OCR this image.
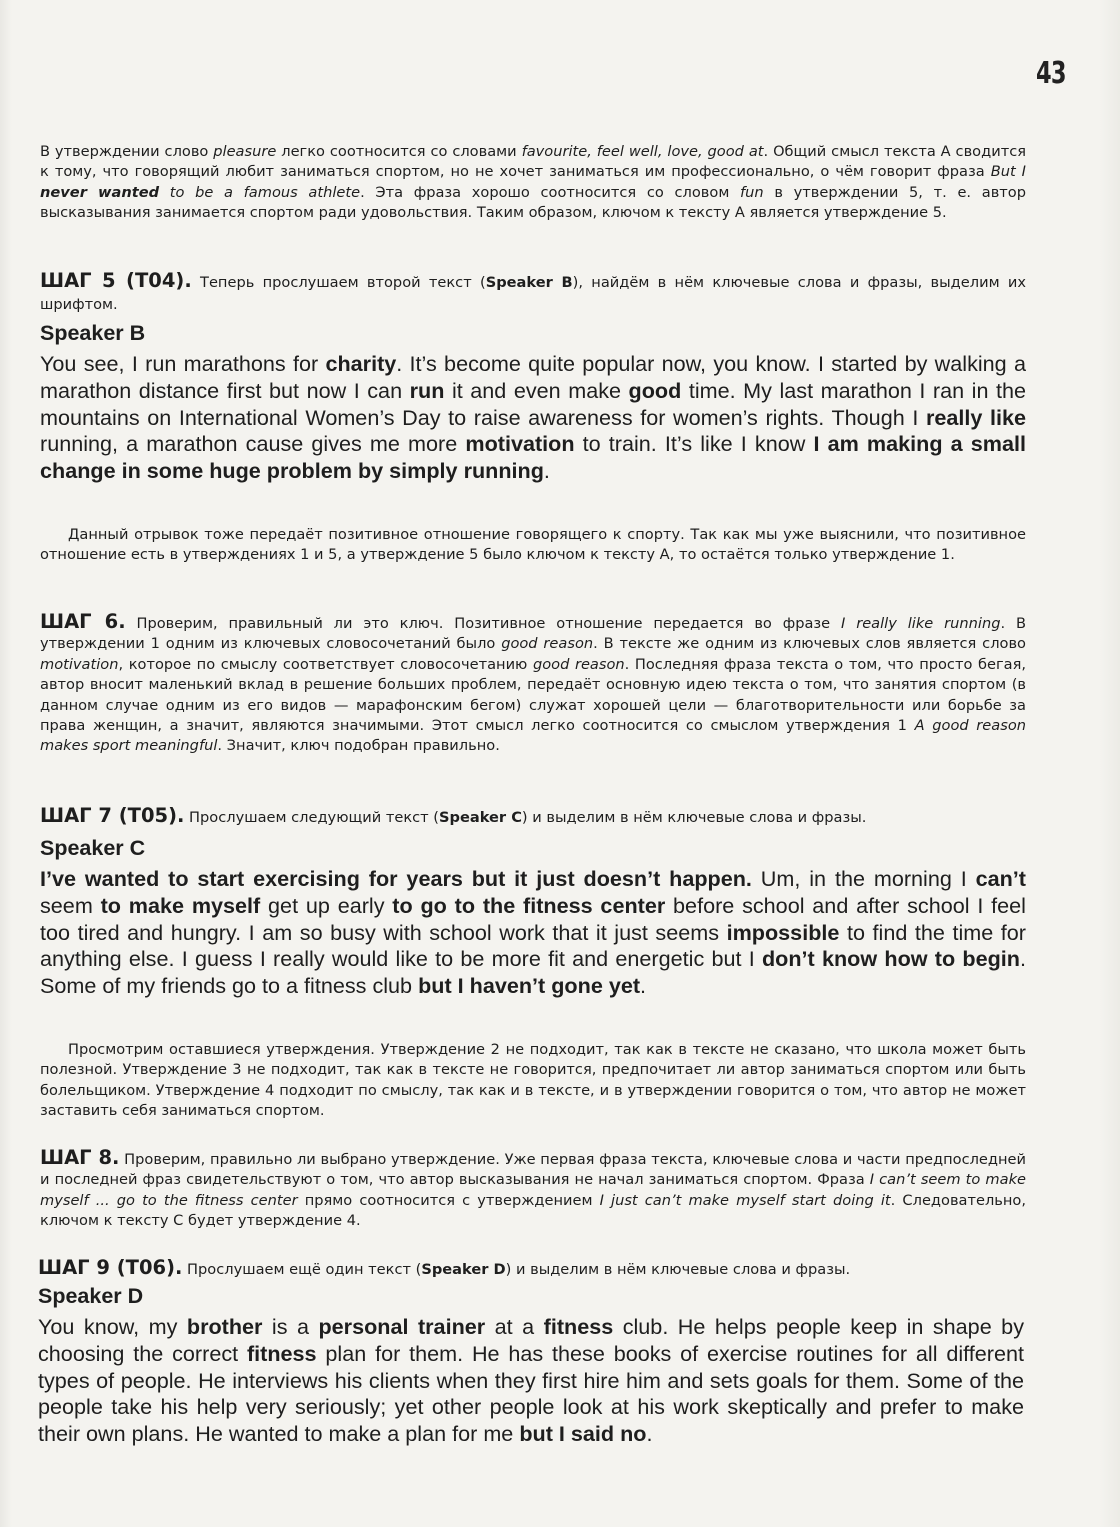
43

В утверждении слово pleasure легко соотносится со словами favourite, feel well, love, good at. Общий смысл текста А сводится к тому, что говорящий любит заниматься спортом, но не хочет заниматься им профессионально, о чём говорит фраза But I never wanted to be a famous athlete. Эта фраза хорошо соотносится со словом fun в утверждении 5, т. е. автор высказывания занимается спортом ради удовольствия. Таким образом, ключом к тексту А является утверждение 5.

ШАГ 5 (T04). Теперь прослушаем второй текст (Speaker B), найдём в нём ключевые слова и фразы, выделим их шрифтом.

Speaker B

You see, I run marathons for charity. It’s become quite popular now, you know. I started by walking a marathon distance first but now I can run it and even make good time. My last marathon I ran in the mountains on International Women’s Day to raise awareness for women’s rights. Though I really like running, a marathon cause gives me more motivation to train. It’s like I know I am making a small change in some huge problem by simply running.

Данный отрывок тоже передаёт позитивное отношение говорящего к спорту. Так как мы уже выяснили, что позитивное отношение есть в утверждениях 1 и 5, а утверждение 5 было ключом к тексту А, то остаётся только утверждение 1.

ШАГ 6. Проверим, правильный ли это ключ. Позитивное отношение передается во фразе I really like running. В утверждении 1 одним из ключевых словосочетаний было good reason. В тексте же одним из ключевых слов является слово motivation, которое по смыслу соответствует словосочетанию good reason. Последняя фраза текста о том, что просто бегая, автор вносит маленький вклад в решение больших проблем, передаёт основную идею текста о том, что занятия спортом (в данном случае одним из его видов — марафонским бегом) служат хорошей цели — благотворительности или борьбе за права женщин, а значит, являются значимыми. Этот смысл легко соотносится со смыслом утверждения 1 A good reason makes sport meaningful. Значит, ключ подобран правильно.

ШАГ 7 (T05). Прослушаем следующий текст (Speaker C) и выделим в нём ключевые слова и фразы.

Speaker C

I’ve wanted to start exercising for years but it just doesn’t happen. Um, in the morning I can’t seem to make myself get up early to go to the fitness center before school and after school I feel too tired and hungry. I am so busy with school work that it just seems impossible to find the time for anything else. I guess I really would like to be more fit and energetic but I don’t know how to begin. Some of my friends go to a fitness club but I haven’t gone yet.

Просмотрим оставшиеся утверждения. Утверждение 2 не подходит, так как в тексте не сказано, что школа может быть полезной. Утверждение 3 не подходит, так как в тексте не говорится, предпочитает ли автор заниматься спортом или быть болельщиком. Утверждение 4 подходит по смыслу, так как и в тексте, и в утверждении говорится о том, что автор не может заставить себя заниматься спортом.

ШАГ 8. Проверим, правильно ли выбрано утверждение. Уже первая фраза текста, ключевые слова и части предпоследней и последней фраз свидетельствуют о том, что автор высказывания не начал заниматься спортом. Фраза I can’t seem to make myself ... go to the fitness center прямо соотносится с утверждением I just can’t make myself start doing it. Следовательно, ключом к тексту C будет утверждение 4.

ШАГ 9 (T06). Прослушаем ещё один текст (Speaker D) и выделим в нём ключевые слова и фразы.

Speaker D

You know, my brother is a personal trainer at a fitness club. He helps people keep in shape by choosing the correct fitness plan for them. He has these books of exercise routines for all different types of people. He interviews his clients when they first hire him and sets goals for them. Some of the people take his help very seriously; yet other people look at his work skeptically and prefer to make their own plans. He wanted to make a plan for me but I said no.
